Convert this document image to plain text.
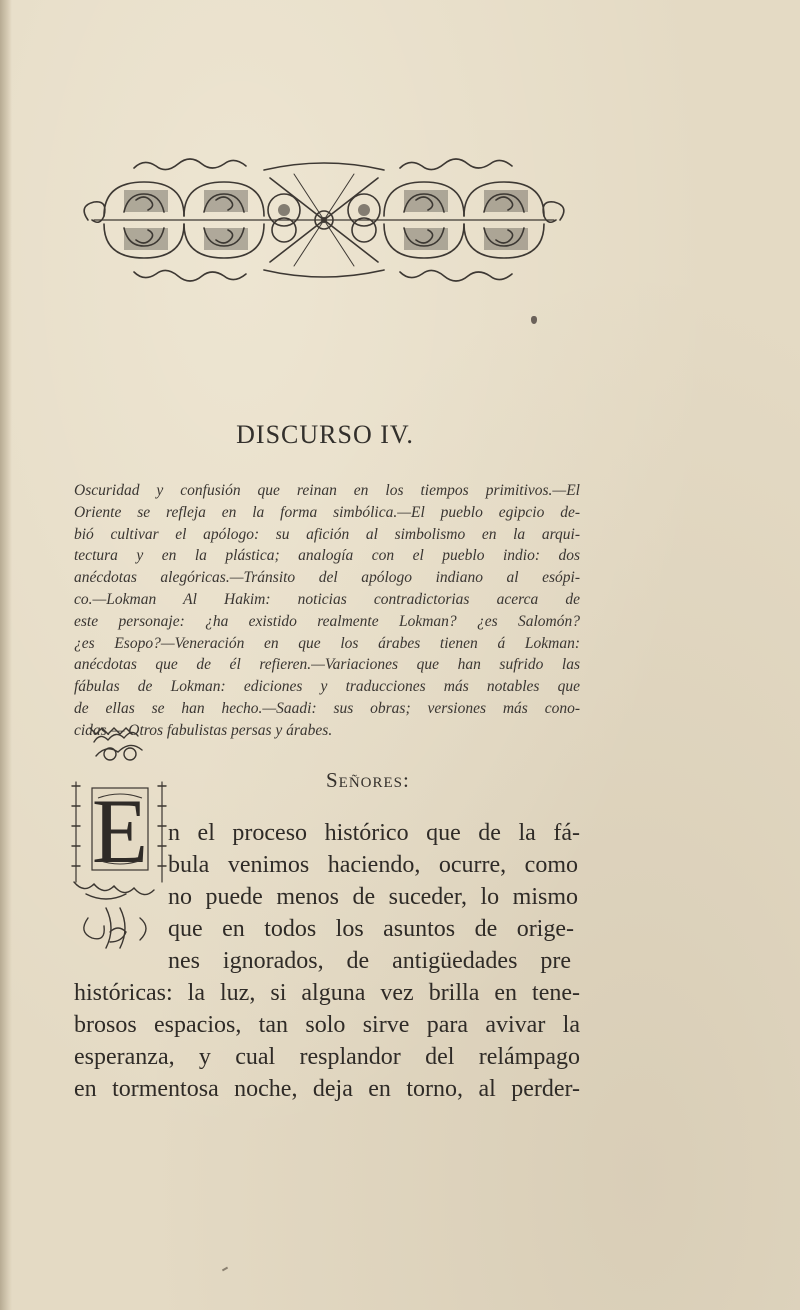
DISCURSO IV.
Oscuridad y confusión que reinan en los tiempos primitivos.—El
Oriente se refleja en la forma simbólica.—El pueblo egipcio de-
bió cultivar el apólogo: su afición al simbolismo en la arqui-
tectura y en la plástica; analogía con el pueblo indio: dos
anécdotas alegóricas.—Tránsito del apólogo indiano al esópi-
co.—Lokman Al Hakim: noticias contradictorias acerca de
este personaje: ¿ha existido realmente Lokman? ¿es Salomón?
¿es Esopo?—Veneración en que los árabes tienen á Lokman:
anécdotas que de él refieren.—Variaciones que han sufrido las
fábulas de Lokman: ediciones y traducciones más notables que
de ellas se han hecho.—Saadi: sus obras; versiones más cono-
cidas.— Otros fabulistas persas y árabes.
Señores:
E n el proceso histórico que de la fá-
bula venimos haciendo, ocurre, como
no puede menos de suceder, lo mismo
que en todos los asuntos de orige-
nes ignorados, de antigüedades pre
históricas: la luz, si alguna vez brilla en tene-
brosos espacios, tan solo sirve para avivar la
esperanza, y cual resplandor del relámpago
en tormentosa noche, deja en torno, al perder-
